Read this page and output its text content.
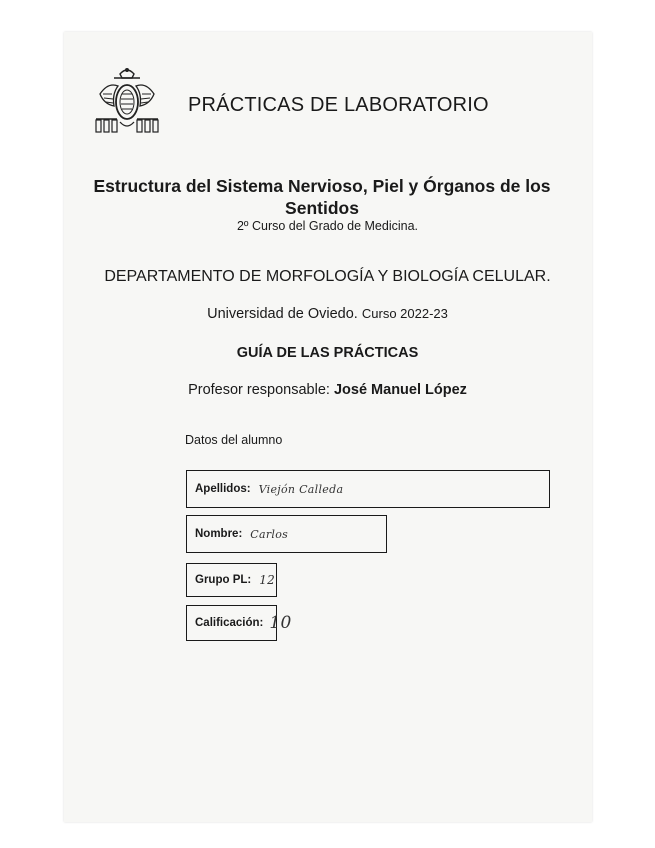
PRÁCTICAS DE LABORATORIO
Estructura del Sistema Nervioso, Piel y Órganos de los Sentidos
2º Curso del Grado de Medicina.
DEPARTAMENTO DE MORFOLOGÍA Y BIOLOGÍA CELULAR.
Universidad de Oviedo. Curso 2022-23
GUÍA DE LAS PRÁCTICAS
Profesor responsable: José Manuel López
Datos del alumno
Apellidos: Viejón Calleda
Nombre: Carlos
Grupo PL: 12
Calificación: 10
